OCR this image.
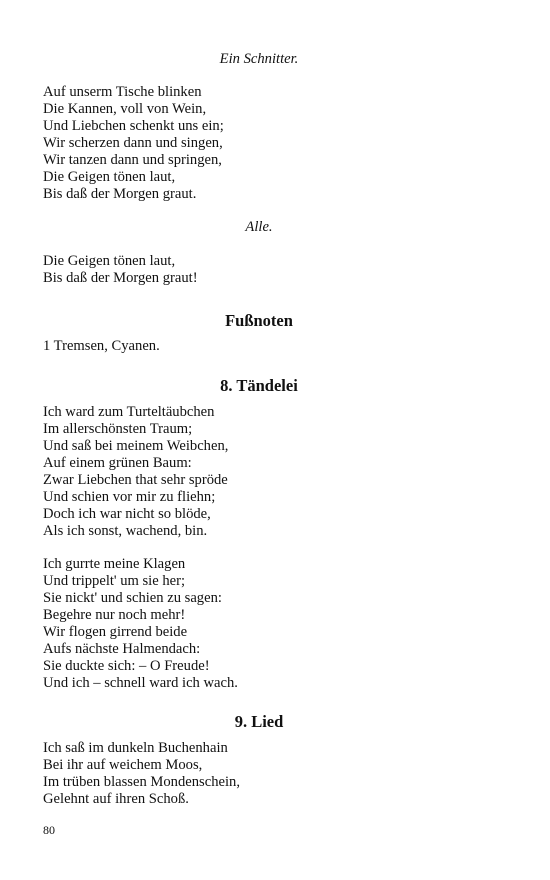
Ein Schnitter.
Auf unserm Tische blinken
Die Kannen, voll von Wein,
Und Liebchen schenkt uns ein;
Wir scherzen dann und singen,
Wir tanzen dann und springen,
Die Geigen tönen laut,
Bis daß der Morgen graut.
Alle.
Die Geigen tönen laut,
Bis daß der Morgen graut!
Fußnoten
1 Tremsen, Cyanen.
8. Tändelei
Ich ward zum Turteltäubchen
Im allerschönsten Traum;
Und saß bei meinem Weibchen,
Auf einem grünen Baum:
Zwar Liebchen that sehr spröde
Und schien vor mir zu fliehn;
Doch ich war nicht so blöde,
Als ich sonst, wachend, bin.
Ich gurrte meine Klagen
Und trippelt' um sie her;
Sie nickt' und schien zu sagen:
Begehre nur noch mehr!
Wir flogen girrend beide
Aufs nächste Halmendach:
Sie duckte sich: – O Freude!
Und ich – schnell ward ich wach.
9. Lied
Ich saß im dunkeln Buchenhain
Bei ihr auf weichem Moos,
Im trüben blassen Mondenschein,
Gelehnt auf ihren Schoß.
80
